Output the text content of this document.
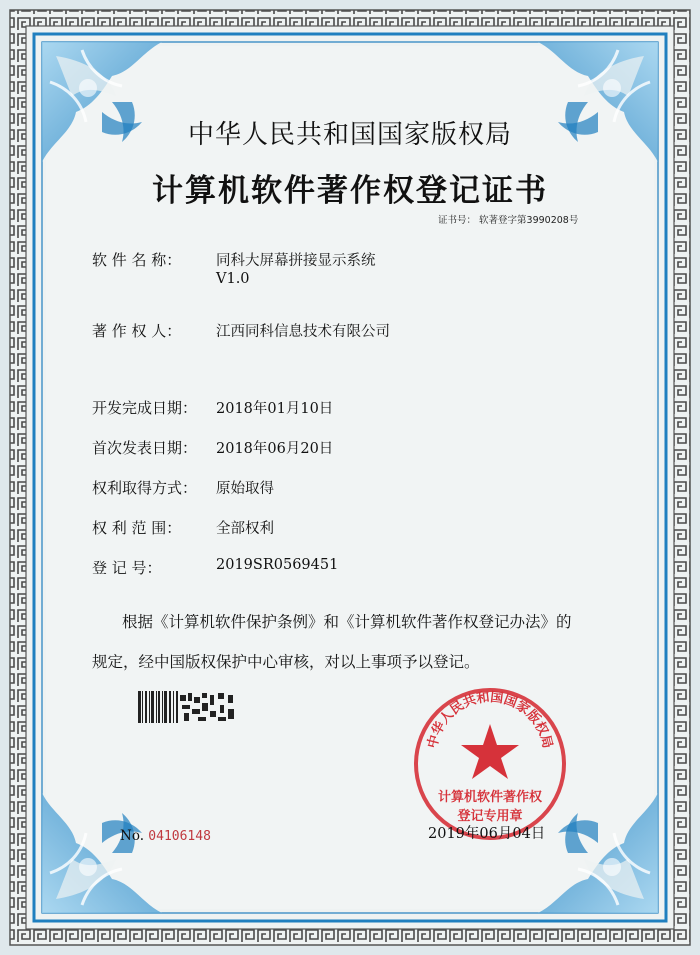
中华人民共和国国家版权局
计算机软件著作权登记证书
证书号： 软著登字第3990208号
软 件 名 称： 同科大屏幕拼接显示系统
V1.0
著 作 权 人： 江西同科信息技术有限公司
开发完成日期： 2018年01月10日
首次发表日期： 2018年06月20日
权利取得方式： 原始取得
权 利 范 围： 全部权利
登 记 号：	2019SR0569451
根据《计算机软件保护条例》和《计算机软件著作权登记办法》的
规定，经中国版权保护中心审核，对以上事项予以登记。
No. 04106148
中华人民共和国国家版权局
计算机软件著作权
登记专用章
2019年06月04日
